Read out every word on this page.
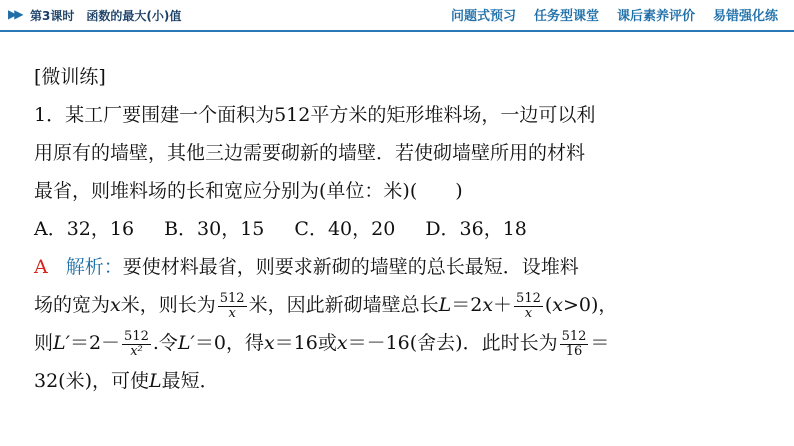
▶▶ 第3课时　函数的最大(小)值	问题式预习 任务型课堂 课后素养评价 易错强化练
[微训练]
1．某工厂要围建一个面积为512平方米的矩形堆料场，一边可以利
用原有的墙壁，其他三边需要砌新的墙壁．若使砌墙壁所用的材料
最省，则堆料场的长和宽应分别为(单位：米)(　　)
A．32，16 B．30，15 C．40，20 D．36，18
A 解析：要使材料最省，则要求新砌的墙壁的总长最短．设堆料
场的宽为x米，则长为 $\frac{512}{x}$ 米，因此新砌墙壁总长$L=2x+ \frac{512}{x} (x>0)$，
则$L'=2- \frac{512}{\text{x²}}$ .令L′＝0，得x＝16或x＝－16(舍去)．此时长为 $\frac{512}{16}$ ＝
32(米)，可使L最短．
